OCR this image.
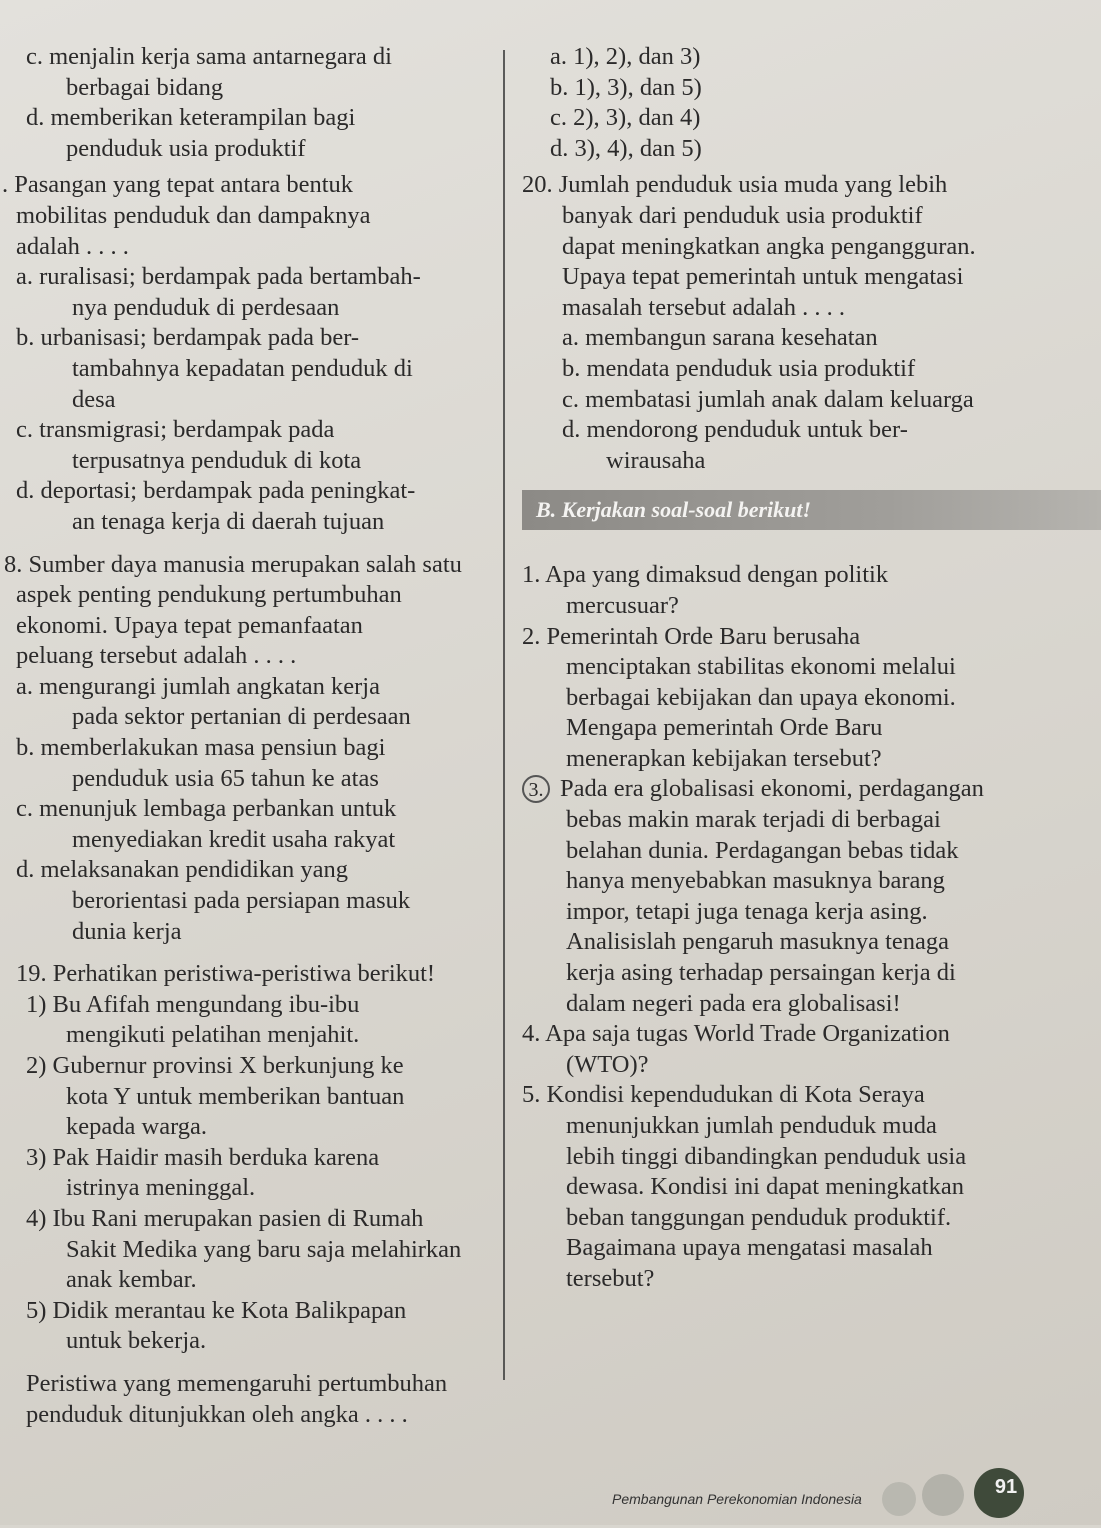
c. menjalin kerja sama antarnegara di
berbagai bidang
d. memberikan keterampilan bagi
penduduk usia produktif
. Pasangan yang tepat antara bentuk
mobilitas penduduk dan dampaknya
adalah . . . .
a. ruralisasi; berdampak pada bertambah-
nya penduduk di perdesaan
b. urbanisasi; berdampak pada ber-
tambahnya kepadatan penduduk di
desa
c. transmigrasi; berdampak pada
terpusatnya penduduk di kota
d. deportasi; berdampak pada peningkat-
an tenaga kerja di daerah tujuan
8. Sumber daya manusia merupakan salah satu
aspek penting pendukung pertumbuhan
ekonomi. Upaya tepat pemanfaatan
peluang tersebut adalah . . . .
a. mengurangi jumlah angkatan kerja
pada sektor pertanian di perdesaan
b. memberlakukan masa pensiun bagi
penduduk usia 65 tahun ke atas
c. menunjuk lembaga perbankan untuk
menyediakan kredit usaha rakyat
d. melaksanakan pendidikan yang
berorientasi pada persiapan masuk
dunia kerja
19. Perhatikan peristiwa-peristiwa berikut!
1) Bu Afifah mengundang ibu-ibu
mengikuti pelatihan menjahit.
2) Gubernur provinsi X berkunjung ke
kota Y untuk memberikan bantuan
kepada warga.
3) Pak Haidir masih berduka karena
istrinya meninggal.
4) Ibu Rani merupakan pasien di Rumah
Sakit Medika yang baru saja melahirkan
anak kembar.
5) Didik merantau ke Kota Balikpapan
untuk bekerja.
Peristiwa yang memengaruhi pertumbuhan
penduduk ditunjukkan oleh angka . . . .
a. 1), 2), dan 3)
b. 1), 3), dan 5)
c. 2), 3), dan 4)
d. 3), 4), dan 5)
20. Jumlah penduduk usia muda yang lebih
banyak dari penduduk usia produktif
dapat meningkatkan angka pengangguran.
Upaya tepat pemerintah untuk mengatasi
masalah tersebut adalah . . . .
a. membangun sarana kesehatan
b. mendata penduduk usia produktif
c. membatasi jumlah anak dalam keluarga
d. mendorong penduduk untuk ber-
wirausaha
B. Kerjakan soal-soal berikut!
1. Apa yang dimaksud dengan politik
mercusuar?
2. Pemerintah Orde Baru berusaha
menciptakan stabilitas ekonomi melalui
berbagai kebijakan dan upaya ekonomi.
Mengapa pemerintah Orde Baru
menerapkan kebijakan tersebut?
3. Pada era globalisasi ekonomi, perdagangan
bebas makin marak terjadi di berbagai
belahan dunia. Perdagangan bebas tidak
hanya menyebabkan masuknya barang
impor, tetapi juga tenaga kerja asing.
Analisislah pengaruh masuknya tenaga
kerja asing terhadap persaingan kerja di
dalam negeri pada era globalisasi!
4. Apa saja tugas World Trade Organization
(WTO)?
5. Kondisi kependudukan di Kota Seraya
menunjukkan jumlah penduduk muda
lebih tinggi dibandingkan penduduk usia
dewasa. Kondisi ini dapat meningkatkan
beban tanggungan penduduk produktif.
Bagaimana upaya mengatasi masalah
tersebut?
Pembangunan Perekonomian Indonesia
91
